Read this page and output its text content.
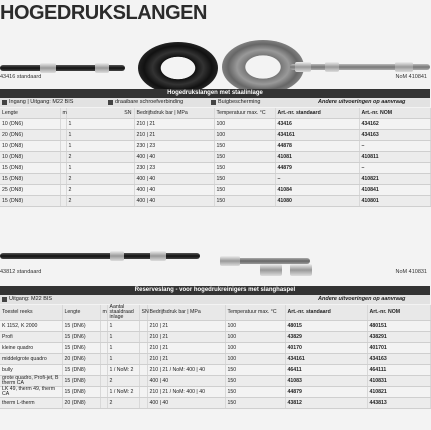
HOGEDRUKSLANGEN
43416 standaard	NoM 410841
Hogedrukslangen met staalinlage
Ingang | Uitgang: M22 BIS	draaibare schroefverbinding	Buigbescherming	Andere uitvoeringen op aanvraag
Lengte	m	SN	Bedrijfsdruk bar | MPa	Temperatuur max. °C	Art.-nr. standaard	Art.-nr. NOM
10 (DN6)		1	210 | 21	100	43416	434162
20 (DN6)		1	210 | 21	100	434161	434163
10 (DN8)		1	230 | 23	150	44878	–
10 (DN8)		2	400 | 40	150	41081	410811
15 (DN8)		1	230 | 23	150	44879	–
15 (DN8)		2	400 | 40	150	–	410821
25 (DN8)		2	400 | 40	150	41084	410841
15 (DN8)		2	400 | 40	150	41080	410801
43812 standaard	NoM 410831
Reserveslang - voor hogedrukreinigers met slanghaspel
Uitgang: M22 BIS	Andere uitvoeringen op aanvraag
Toestel reeks	Lengte	m	Aantal staaldraad inlage	SN	Bedrijfsdruk bar | MPa	Temperatuur max. °C	Art.-nr. standaard	Art.-nr. NOM
K 1152, K 2000	15 (DN6)		1		210 | 21	100	48015	480151
Profi	15 (DN6)		1		210 | 21	100	43829	438291
kleine quadro	15 (DN6)		1		210 | 21	100	40170	401701
middelgrote quadro	20 (DN6)		1		210 | 21	100	434161	434163
bully	15 (DN8)		1 / NoM: 2		210 | 21 / NoM: 400 | 40	150	46411	464111
grote quadro, Profi-jet, B therm CA	15 (DN8)		2		400 | 40	150	41083	410831
LK 49, therm 49, therm CA	15 (DN8)		1 / NoM: 2		210 | 21 / NoM: 400 | 40	150	44879	410821
therm L-therm	20 (DN8)		2		400 | 40	150	43812	443813
